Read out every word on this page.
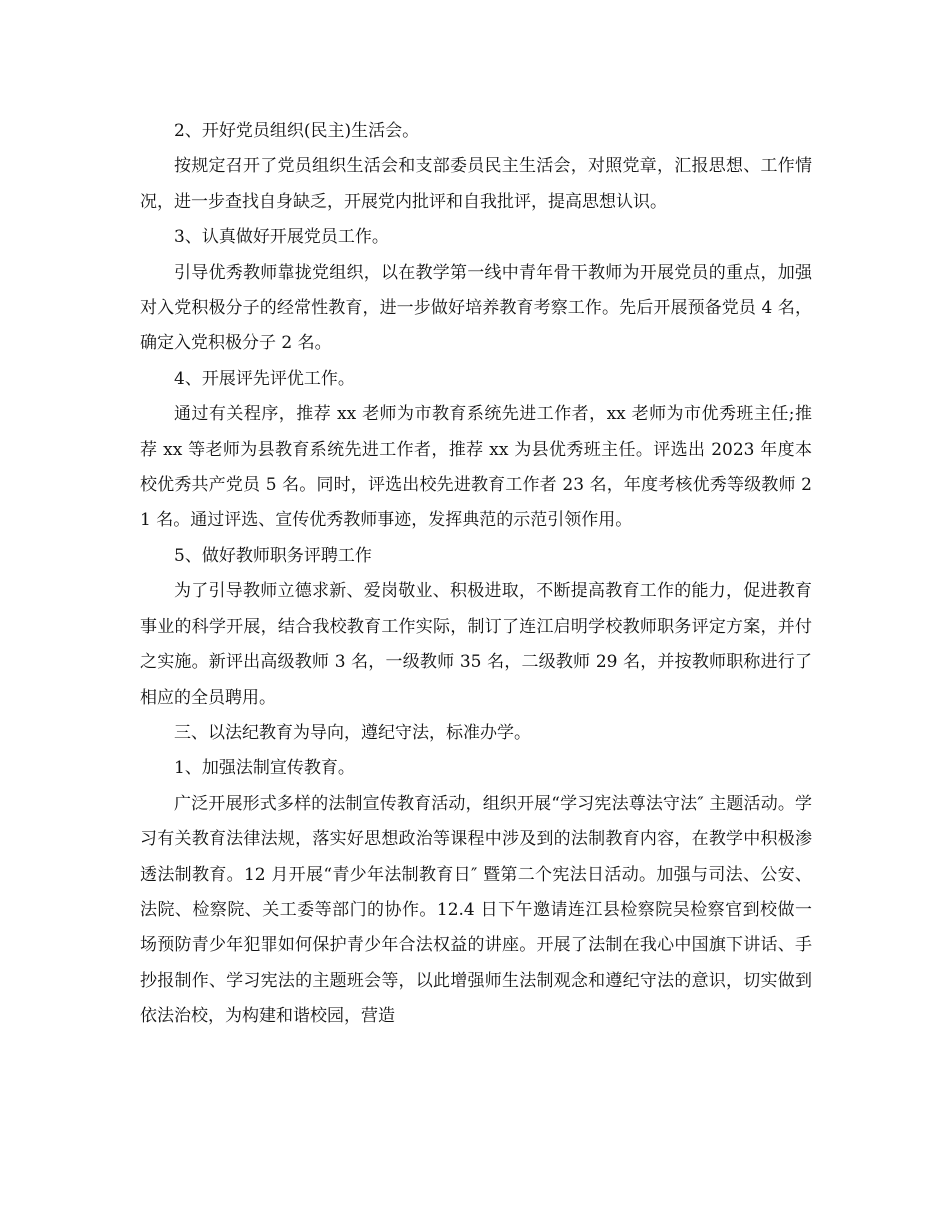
2、开好党员组织(民主)生活会。

按规定召开了党员组织生活会和支部委员民主生活会，对照党章，汇报思想、工作情况，进一步查找自身缺乏，开展党内批评和自我批评，提高思想认识。

3、认真做好开展党员工作。

引导优秀教师靠拢党组织，以在教学第一线中青年骨干教师为开展党员的重点，加强对入党积极分子的经常性教育，进一步做好培养教育考察工作。先后开展预备党员 4 名，确定入党积极分子 2 名。

4、开展评先评优工作。

通过有关程序，推荐 xx 老师为市教育系统先进工作者，xx 老师为市优秀班主任;推荐 xx 等老师为县教育系统先进工作者，推荐 xx 为县优秀班主任。评选出 2023 年度本校优秀共产党员 5 名。同时，评选出校先进教育工作者 23 名，年度考核优秀等级教师 21 名。通过评选、宣传优秀教师事迹，发挥典范的示范引领作用。

5、做好教师职务评聘工作

为了引导教师立德求新、爱岗敬业、积极进取，不断提高教育工作的能力，促进教育事业的科学开展，结合我校教育工作实际，制订了连江启明学校教师职务评定方案，并付之实施。新评出高级教师 3 名，一级教师 35 名，二级教师 29 名，并按教师职称进行了相应的全员聘用。

三、以法纪教育为导向，遵纪守法，标准办学。

1、加强法制宣传教育。

广泛开展形式多样的法制宣传教育活动，组织开展“学习宪法尊法守法″ 主题活动。学习有关教育法律法规，落实好思想政治等课程中涉及到的法制教育内容，在教学中积极渗透法制教育。12 月开展“青少年法制教育日″ 暨第二个宪法日活动。加强与司法、公安、法院、检察院、关工委等部门的协作。12.4 日下午邀请连江县检察院吴检察官到校做一场预防青少年犯罪如何保护青少年合法权益的讲座。开展了法制在我心中国旗下讲话、手抄报制作、学习宪法的主题班会等，以此增强师生法制观念和遵纪守法的意识，切实做到依法治校，为构建和谐校园，营造
